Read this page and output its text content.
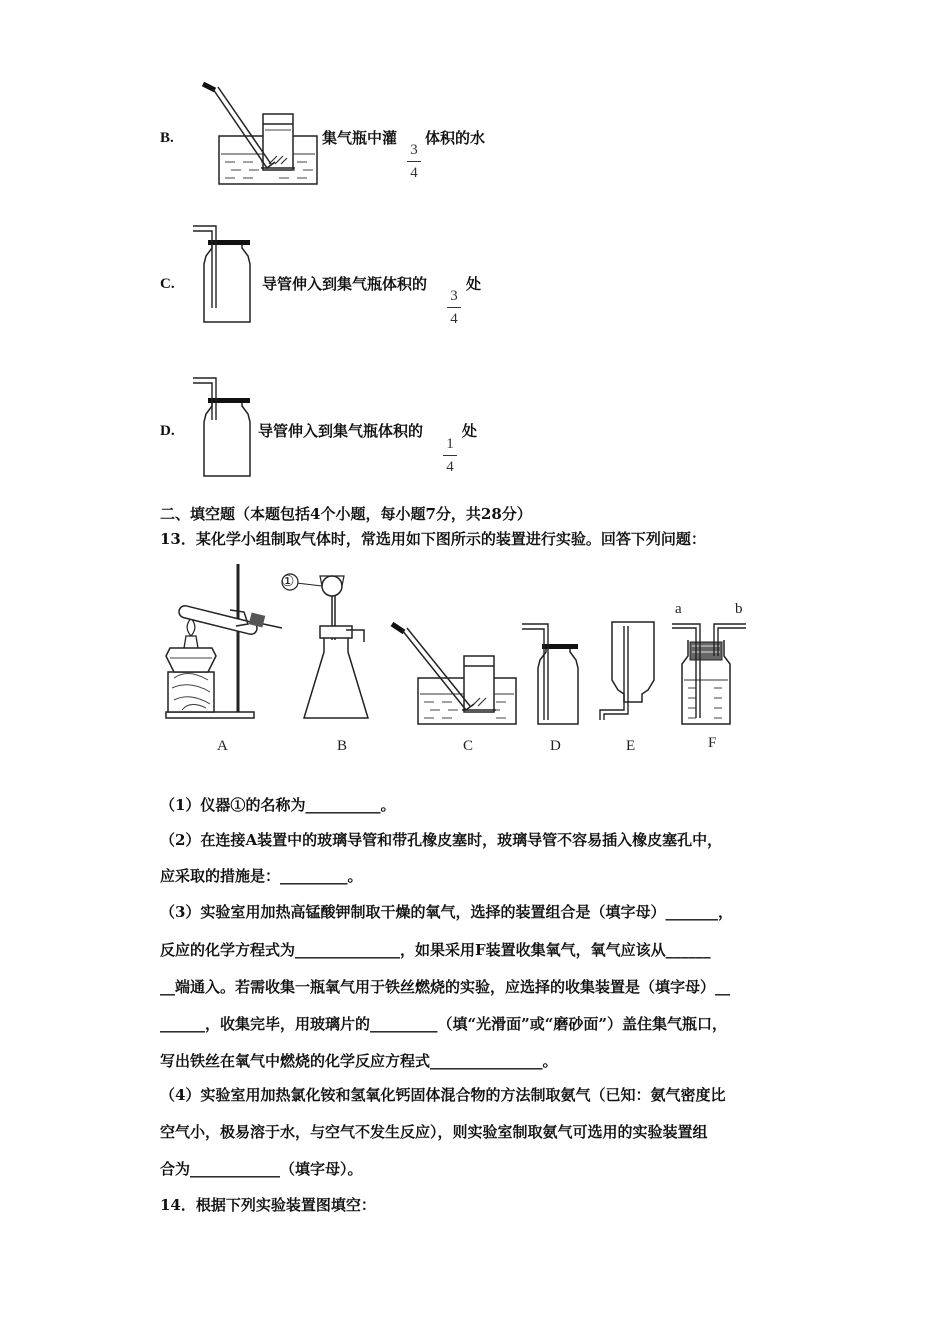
B.	集气瓶中灌
3
4
体积的水
C.	导管伸入到集气瓶体积的
3
4
处
D.	导管伸入到集气瓶体积的
1
4
处
二、填空题（本题包括4个小题，每小题7分，共28分）
13．某化学小组制取气体时，常选用如下图所示的装置进行实验。回答下列问题：
①
a	b
A	B	C	D	E	F
（1）仪器①的名称为__________。
（2）在连接A装置中的玻璃导管和带孔橡皮塞时，玻璃导管不容易插入橡皮塞孔中，
应采取的措施是：_________。
（3）实验室用加热高锰酸钾制取干燥的氧气，选择的装置组合是（填字母）_______，
反应的化学方程式为______________，如果采用F装置收集氧气，氧气应该从______
__端通入。若需收集一瓶氧气用于铁丝燃烧的实验，应选择的收集装置是（填字母）__
______，收集完毕，用玻璃片的_________（填“光滑面”或“磨砂面”）盖住集气瓶口，
写出铁丝在氧气中燃烧的化学反应方程式_______________。
（4）实验室用加热氯化铵和氢氧化钙固体混合物的方法制取氨气（已知：氨气密度比
空气小，极易溶于水，与空气不发生反应），则实验室制取氨气可选用的实验装置组
合为____________（填字母）。
14．根据下列实验装置图填空：
